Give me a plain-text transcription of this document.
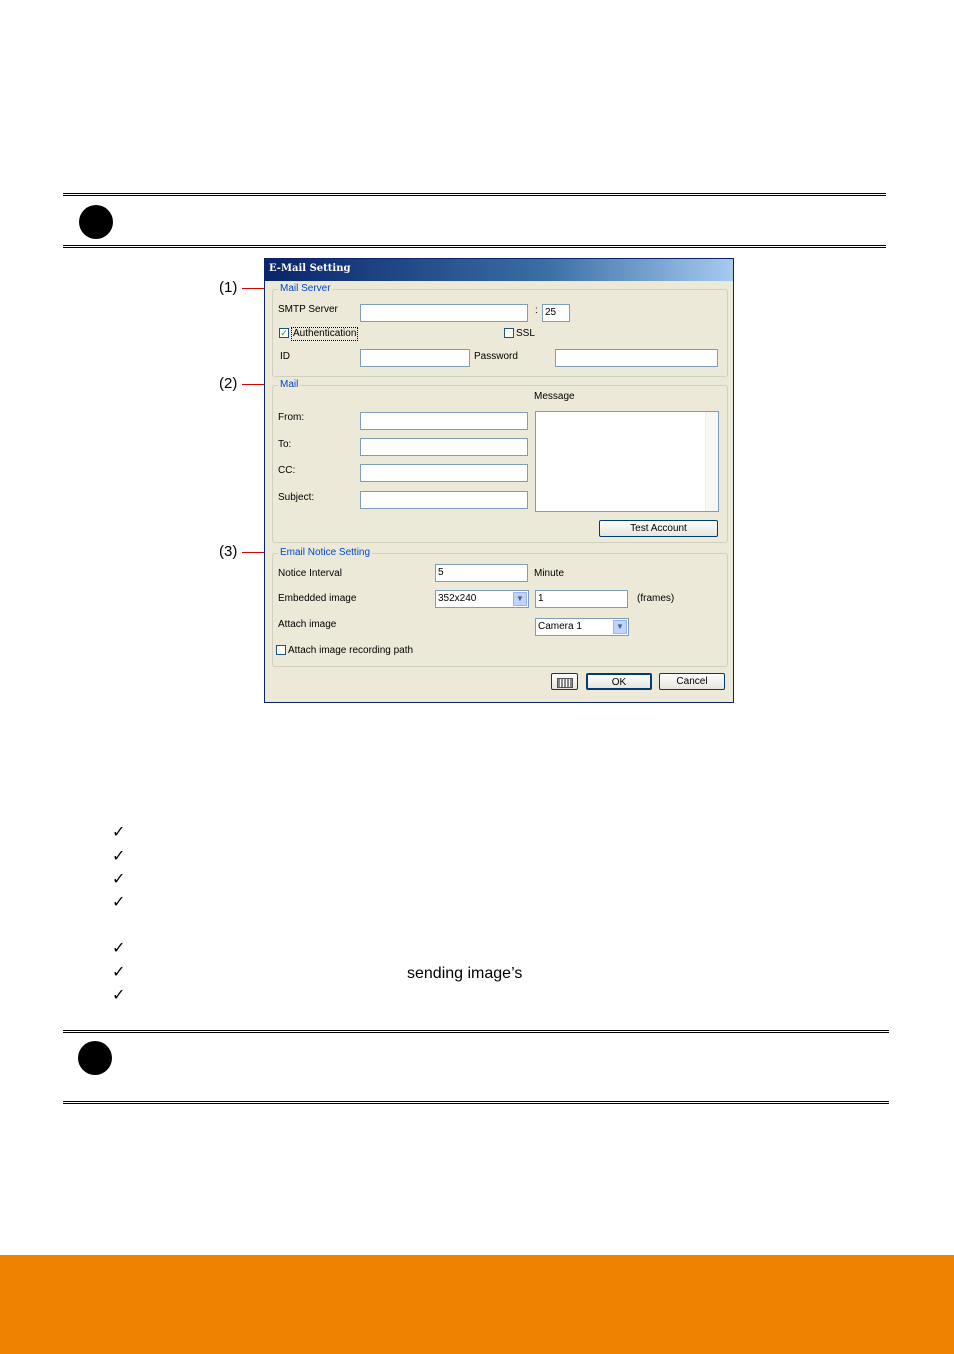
(1)
(2)
(3)
E-Mail Setting
Mail Server
SMTP Server	: 25
✓ Authentication	SSL
ID	Password
Mail
Message
From:
To:
CC:
Subject:
Test Account
Email Notice Setting
Notice Interval	5	Minute
Embedded image	352x240	▼	1	(frames)
Attach image	Camera 1	▼
Attach image recording path
OK	Cancel
✓
✓
✓
✓
✓
✓	sending image’s
✓
